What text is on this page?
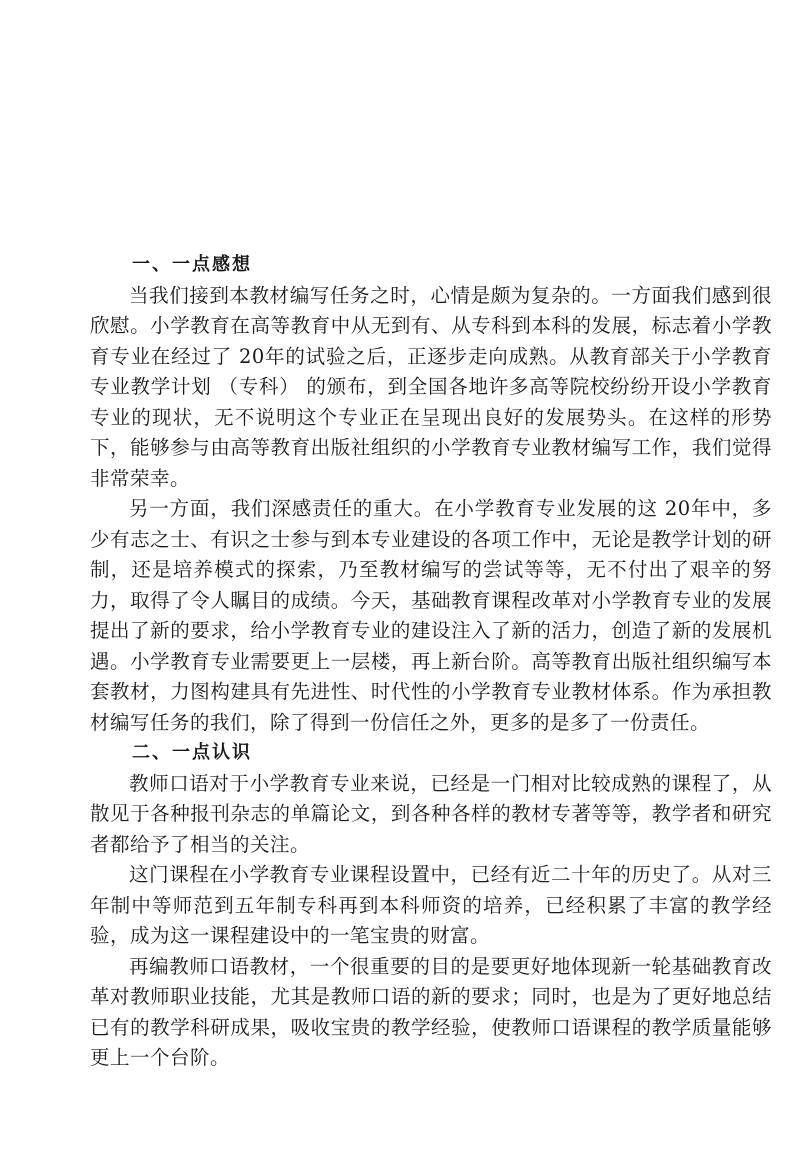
一、一点感想

当我们接到本教材编写任务之时，心情是颇为复杂的。一方面我们感到很欣慰。小学教育在高等教育中从无到有、从专科到本科的发展，标志着小学教育专业在经过了 20年的试验之后，正逐步走向成熟。从教育部关于小学教育专业教学计划 （专科） 的颁布，到全国各地许多高等院校纷纷开设小学教育专业的现状，无不说明这个专业正在呈现出良好的发展势头。在这样的形势下，能够参与由高等教育出版社组织的小学教育专业教材编写工作，我们觉得非常荣幸。

另一方面，我们深感责任的重大。在小学教育专业发展的这 20年中，多少有志之士、有识之士参与到本专业建设的各项工作中，无论是教学计划的研制，还是培养模式的探索，乃至教材编写的尝试等等，无不付出了艰辛的努力，取得了令人瞩目的成绩。今天，基础教育课程改革对小学教育专业的发展提出了新的要求，给小学教育专业的建设注入了新的活力，创造了新的发展机遇。小学教育专业需要更上一层楼，再上新台阶。高等教育出版社组织编写本套教材，力图构建具有先进性、时代性的小学教育专业教材体系。作为承担教材编写任务的我们，除了得到一份信任之外，更多的是多了一份责任。

二、一点认识

教师口语对于小学教育专业来说，已经是一门相对比较成熟的课程了，从散见于各种报刊杂志的单篇论文，到各种各样的教材专著等等，教学者和研究者都给予了相当的关注。

这门课程在小学教育专业课程设置中，已经有近二十年的历史了。从对三年制中等师范到五年制专科再到本科师资的培养，已经积累了丰富的教学经验，成为这一课程建设中的一笔宝贵的财富。

再编教师口语教材，一个很重要的目的是要更好地体现新一轮基础教育改革对教师职业技能，尤其是教师口语的新的要求；同时，也是为了更好地总结已有的教学科研成果，吸收宝贵的教学经验，使教师口语课程的教学质量能够更上一个台阶。
